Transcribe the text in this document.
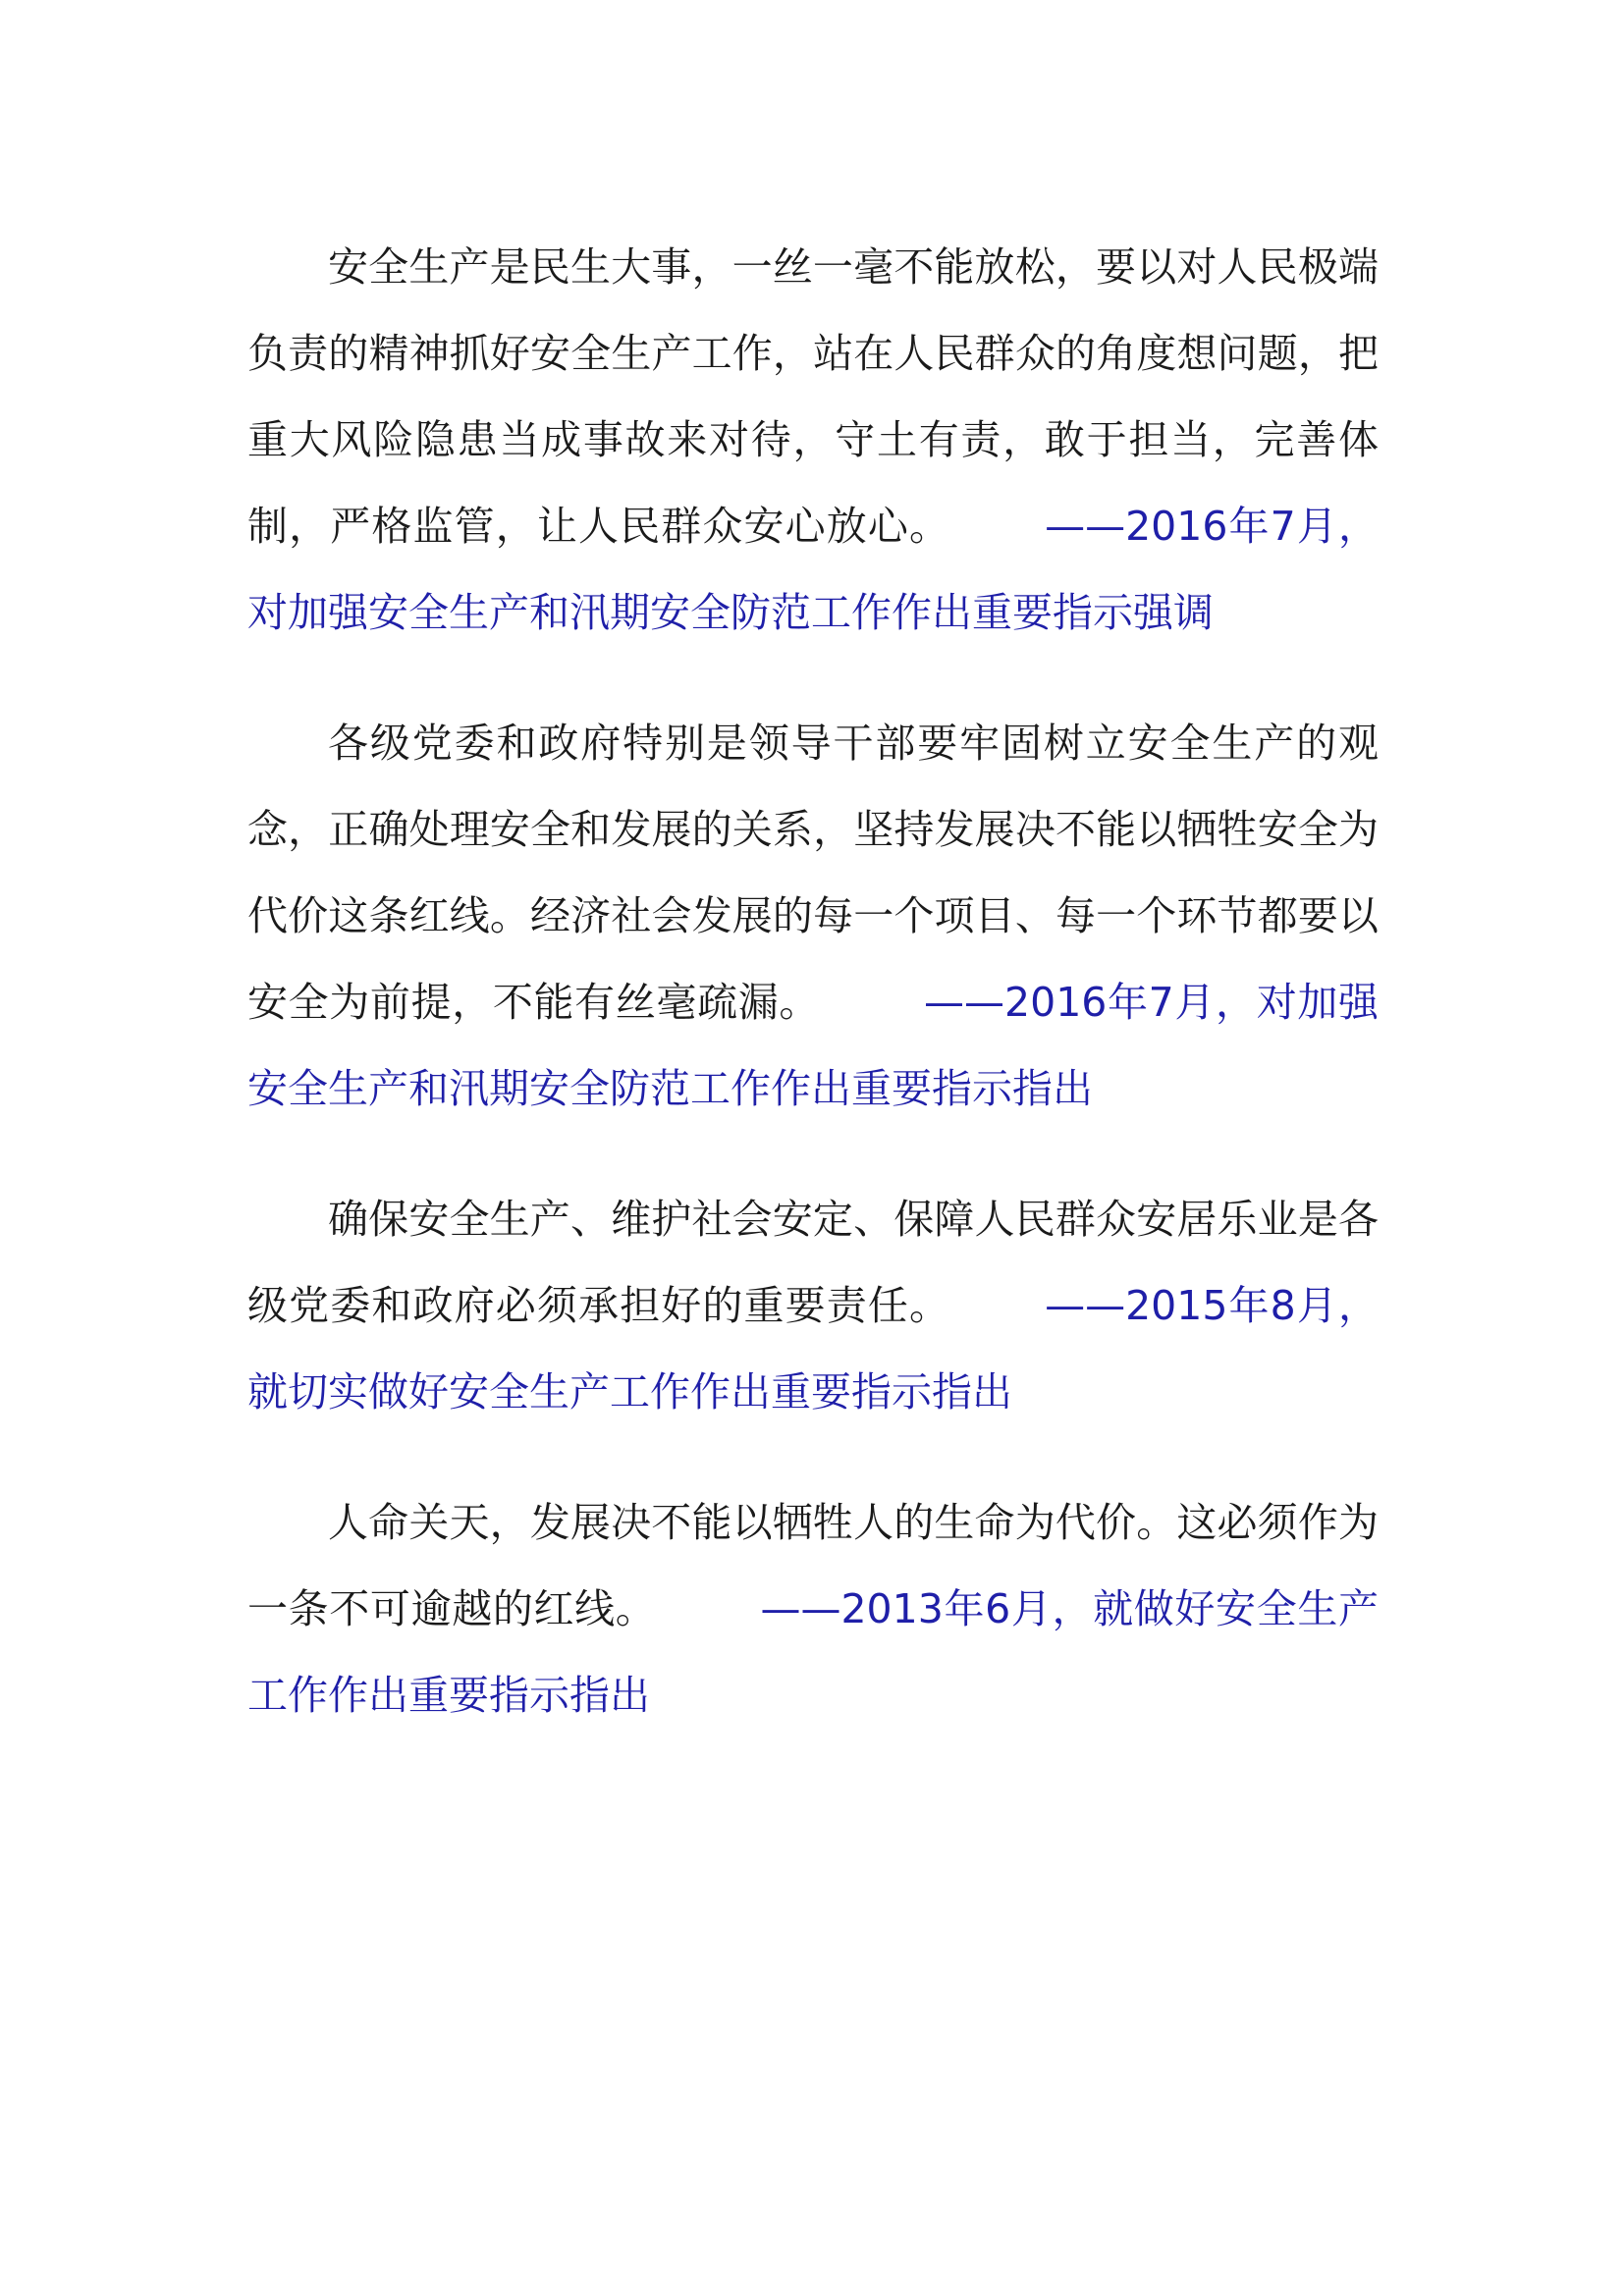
安全生产是民生大事，一丝一毫不能放松，要以对人民极端负责的精神抓好安全生产工作，站在人民群众的角度想问题，把重大风险隐患当成事故来对待，守土有责，敢于担当，完善体制，严格监管，让人民群众安心放心。 ——2016年7月，对加强安全生产和汛期安全防范工作作出重要指示强调

各级党委和政府特别是领导干部要牢固树立安全生产的观念，正确处理安全和发展的关系，坚持发展决不能以牺牲安全为代价这条红线。经济社会发展的每一个项目、每一个环节都要以安全为前提，不能有丝毫疏漏。	——2016年7月，对加强安全生产和汛期安全防范工作作出重要指示指出

确保安全生产、维护社会安定、保障人民群众安居乐业是各级党委和政府必须承担好的重要责任。 ——2015年8月，就切实做好安全生产工作作出重要指示指出

人命关天，发展决不能以牺牲人的生命为代价。这必须作为一条不可逾越的红线。	——2013年6月，就做好安全生产工作作出重要指示指出
